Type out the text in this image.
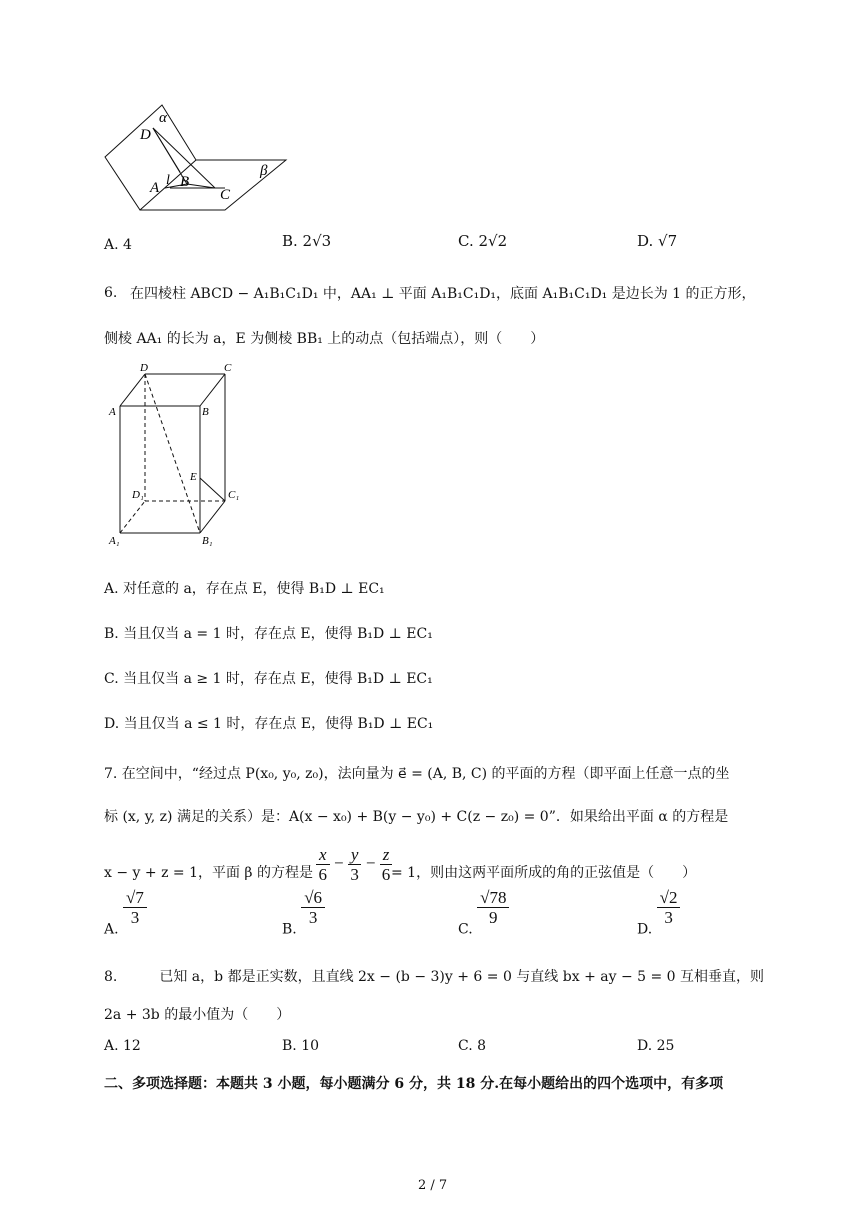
α
D
β
A l B
C
A. 4	B. 2√3	C. 2√2	D. √7
6. 在四棱柱 ABCD − A₁B₁C₁D₁ 中，AA₁ ⊥ 平面 A₁B₁C₁D₁，底面 A₁B₁C₁D₁ 是边长为 1 的正方形，
侧棱 AA₁ 的长为 a，E 为侧棱 BB₁ 上的动点（包括端点），则（　　）
D	C
A	B
E
D₁	C₁
A₁	B₁
A. 对任意的 a，存在点 E，使得 B₁D ⊥ EC₁
B. 当且仅当 a = 1 时，存在点 E，使得 B₁D ⊥ EC₁
C. 当且仅当 a ≥ 1 时，存在点 E，使得 B₁D ⊥ EC₁
D. 当且仅当 a ≤ 1 时，存在点 E，使得 B₁D ⊥ EC₁
7. 在空间中，“经过点 P(x₀, y₀, z₀)，法向量为 e⃗ = (A, B, C) 的平面的方程（即平面上任意一点的坐
标 (x, y, z) 满足的关系）是：A(x − x₀) + B(y − y₀) + C(z − z₀) = 0”．如果给出平面 α 的方程是
x − y + z = 1，平面 β 的方程是 $\frac{x}{6} - \frac{y}{3} - \frac{z}{6}$
= 1，则由这两平面所成的角的正弦值是（　　）
A.
$\frac{√7}{3}$
B.
$\frac{√6}{3}$
C.
$\frac{√78}{9}$
D.
$\frac{√2}{3}$
8.　　　已知 a，b 都是正实数，且直线 2x − (b − 3)y + 6 = 0 与直线 bx + ay − 5 = 0 互相垂直，则
2a + 3b 的最小值为（　　）
A. 12	B. 10	C. 8	D. 25
二、多项选择题：本题共 3 小题，每小题满分 6 分，共 18 分.在每小题给出的四个选项中，有多项
2 / 7
